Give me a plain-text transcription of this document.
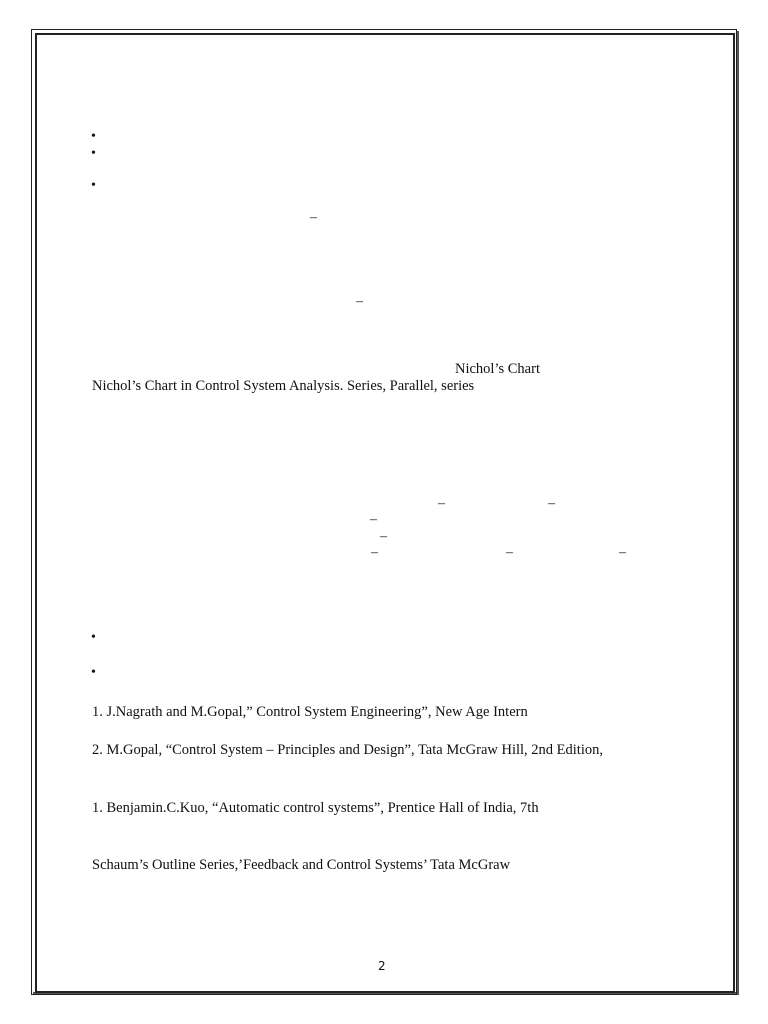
•
•
•
–
–
Nichol’s Chart
Nichol’s Chart in Control System Analysis. Series, Parallel, series
–	–
–
–
–	–	–
•
•
1. J.Nagrath and M.Gopal,” Control System Engineering”, New Age Intern
2. M.Gopal, “Control System – Principles and Design”, Tata McGraw Hill, 2nd Edition,
1. Benjamin.C.Kuo, “Automatic control systems”, Prentice Hall of India, 7th
Schaum’s Outline Series,’Feedback and Control Systems’ Tata McGraw
2
